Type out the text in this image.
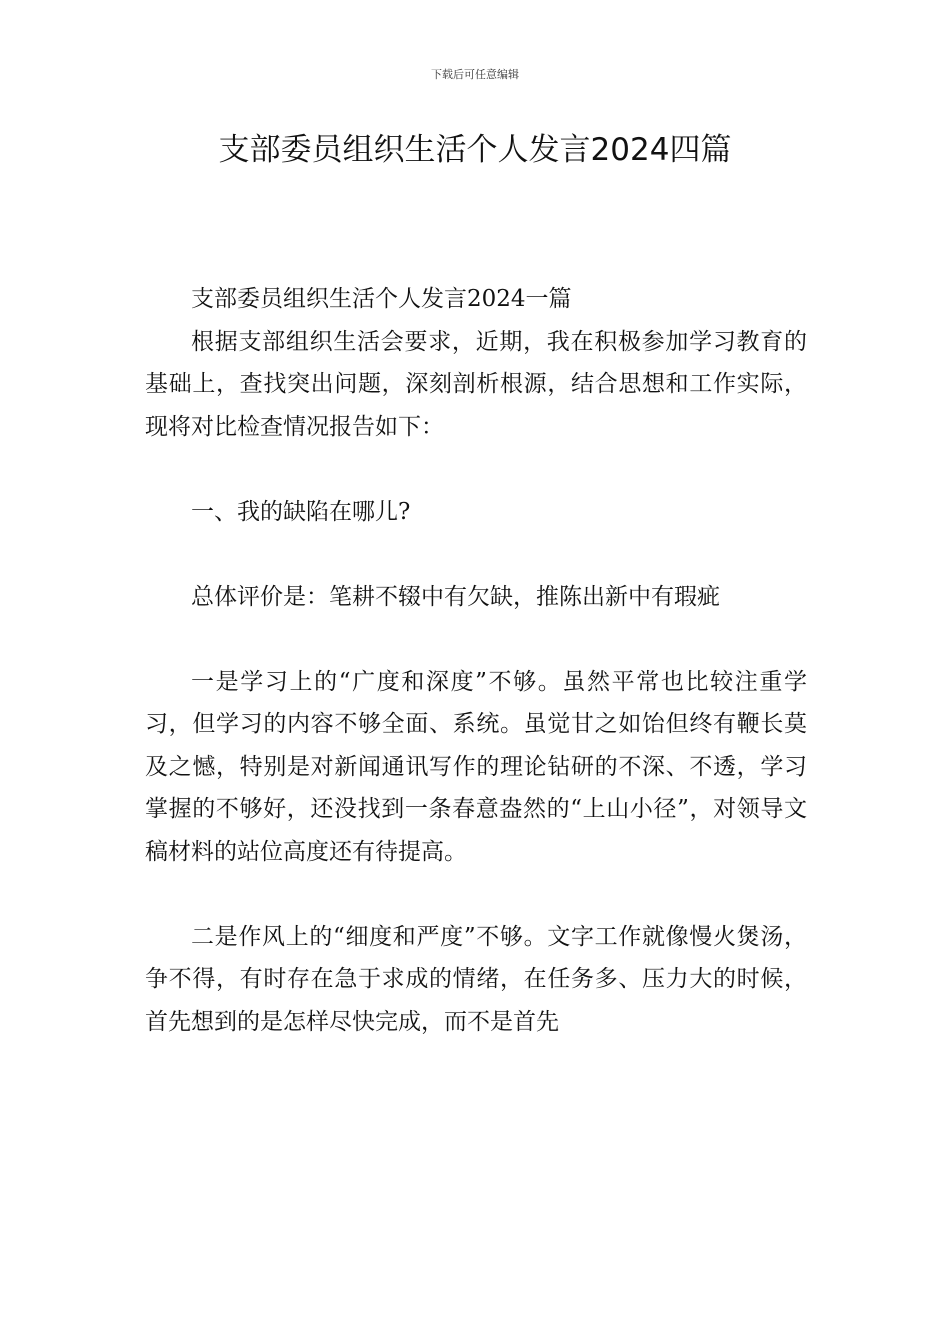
下载后可任意编辑
支部委员组织生活个人发言2024四篇

支部委员组织生活个人发言2024一篇

根据支部组织生活会要求，近期，我在积极参加学习教育的基础上，查找突出问题，深刻剖析根源，结合思想和工作实际，现将对比检查情况报告如下：

一、我的缺陷在哪儿?

总体评价是：笔耕不辍中有欠缺，推陈出新中有瑕疵

一是学习上的“广度和深度”不够。虽然平常也比较注重学习，但学习的内容不够全面、系统。虽觉甘之如饴但终有鞭长莫及之憾，特别是对新闻通讯写作的理论钻研的不深、不透，学习掌握的不够好，还没找到一条春意盎然的“上山小径”，对领导文稿材料的站位高度还有待提高。

二是作风上的“细度和严度”不够。文字工作就像慢火煲汤，争不得，有时存在急于求成的情绪，在任务多、压力大的时候，首先想到的是怎样尽快完成，而不是首先
